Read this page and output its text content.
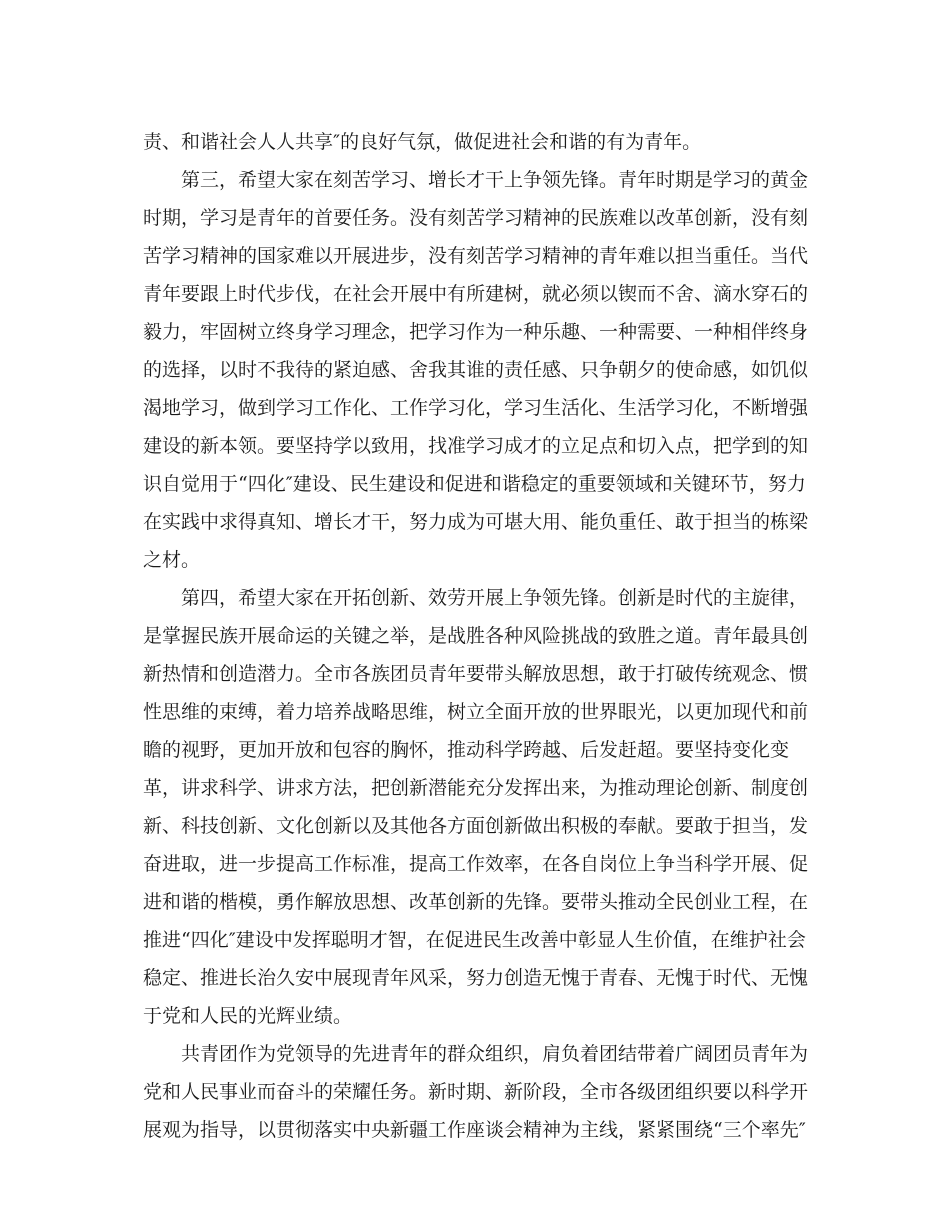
责、和谐社会人人共享″的良好气氛，做促进社会和谐的有为青年。

第三，希望大家在刻苦学习、增长才干上争领先锋。青年时期是学习的黄金

时期，学习是青年的首要任务。没有刻苦学习精神的民族难以改革创新，没有刻

苦学习精神的国家难以开展进步，没有刻苦学习精神的青年难以担当重任。当代

青年要跟上时代步伐，在社会开展中有所建树，就必须以锲而不舍、滴水穿石的

毅力，牢固树立终身学习理念，把学习作为一种乐趣、一种需要、一种相伴终身

的选择，以时不我待的紧迫感、舍我其谁的责任感、只争朝夕的使命感，如饥似

渴地学习，做到学习工作化、工作学习化，学习生活化、生活学习化，不断增强

建设的新本领。要坚持学以致用，找准学习成才的立足点和切入点，把学到的知

识自觉用于“四化″建设、民生建设和促进和谐稳定的重要领域和关键环节，努力

在实践中求得真知、增长才干，努力成为可堪大用、能负重任、敢于担当的栋梁

之材。

第四，希望大家在开拓创新、效劳开展上争领先锋。创新是时代的主旋律，

是掌握民族开展命运的关键之举，是战胜各种风险挑战的致胜之道。青年最具创

新热情和创造潜力。全市各族团员青年要带头解放思想，敢于打破传统观念、惯

性思维的束缚，着力培养战略思维，树立全面开放的世界眼光，以更加现代和前

瞻的视野，更加开放和包容的胸怀，推动科学跨越、后发赶超。要坚持变化变

革，讲求科学、讲求方法，把创新潜能充分发挥出来，为推动理论创新、制度创

新、科技创新、文化创新以及其他各方面创新做出积极的奉献。要敢于担当，发

奋进取，进一步提高工作标准，提高工作效率，在各自岗位上争当科学开展、促

进和谐的楷模，勇作解放思想、改革创新的先锋。要带头推动全民创业工程，在

推进“四化″建设中发挥聪明才智，在促进民生改善中彰显人生价值，在维护社会

稳定、推进长治久安中展现青年风采，努力创造无愧于青春、无愧于时代、无愧

于党和人民的光辉业绩。

共青团作为党领导的先进青年的群众组织，肩负着团结带着广阔团员青年为

党和人民事业而奋斗的荣耀任务。新时期、新阶段，全市各级团组织要以科学开

展观为指导，以贯彻落实中央新疆工作座谈会精神为主线，紧紧围绕“三个率先″
